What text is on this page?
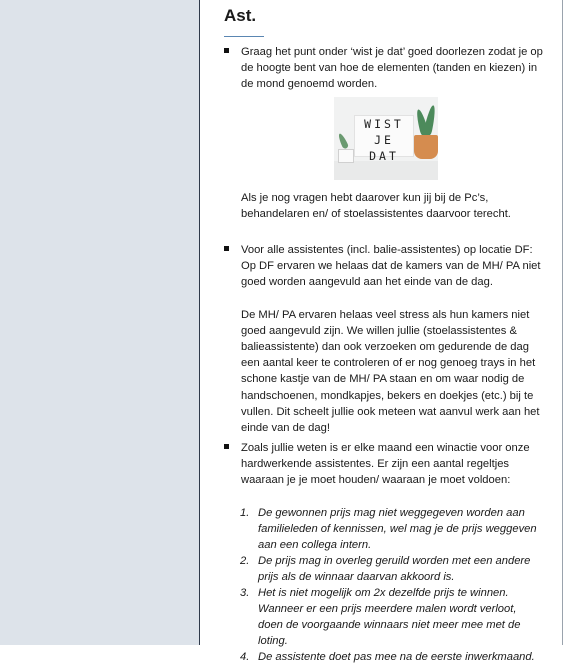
Ast.

Graag het punt onder ‘wist je dat’ goed doorlezen zodat je op de hoogte bent van hoe de elementen (tanden en kiezen) in de mond genoemd worden.

WIST
JE DAT

Als je nog vragen hebt daarover kun jij bij de Pc’s, behandelaren en/ of stoelassistentes daarvoor terecht.

Voor alle assistentes (incl. balie-assistentes) op locatie DF: Op DF ervaren we helaas dat de kamers van de MH/ PA niet goed worden aangevuld aan het einde van de dag.

De MH/ PA ervaren helaas veel stress als hun kamers niet goed aangevuld zijn. We willen jullie (stoelassistentes & balieassistente) dan ook verzoeken om gedurende de dag een aantal keer te controleren of er nog genoeg trays in het schone kastje van de MH/ PA staan en om waar nodig de handschoenen, mondkapjes, bekers en doekjes (etc.) bij te vullen. Dit scheelt jullie ook meteen wat aanvul werk aan het einde van de dag!

Zoals jullie weten is er elke maand een winactie voor onze hardwerkende assistentes. Er zijn een aantal regeltjes waaraan je je moet houden/ waaraan je moet voldoen:

1. De gewonnen prijs mag niet weggegeven worden aan familieleden of kennissen, wel mag je de prijs weggeven aan een collega intern.
2. De prijs mag in overleg geruild worden met een andere prijs als de winnaar daarvan akkoord is.
3. Het is niet mogelijk om 2x dezelfde prijs te winnen. Wanneer er een prijs meerdere malen wordt verloot, doen de voorgaande winnaars niet meer mee met de loting.
4. De assistente doet pas mee na de eerste inwerkmaand.
